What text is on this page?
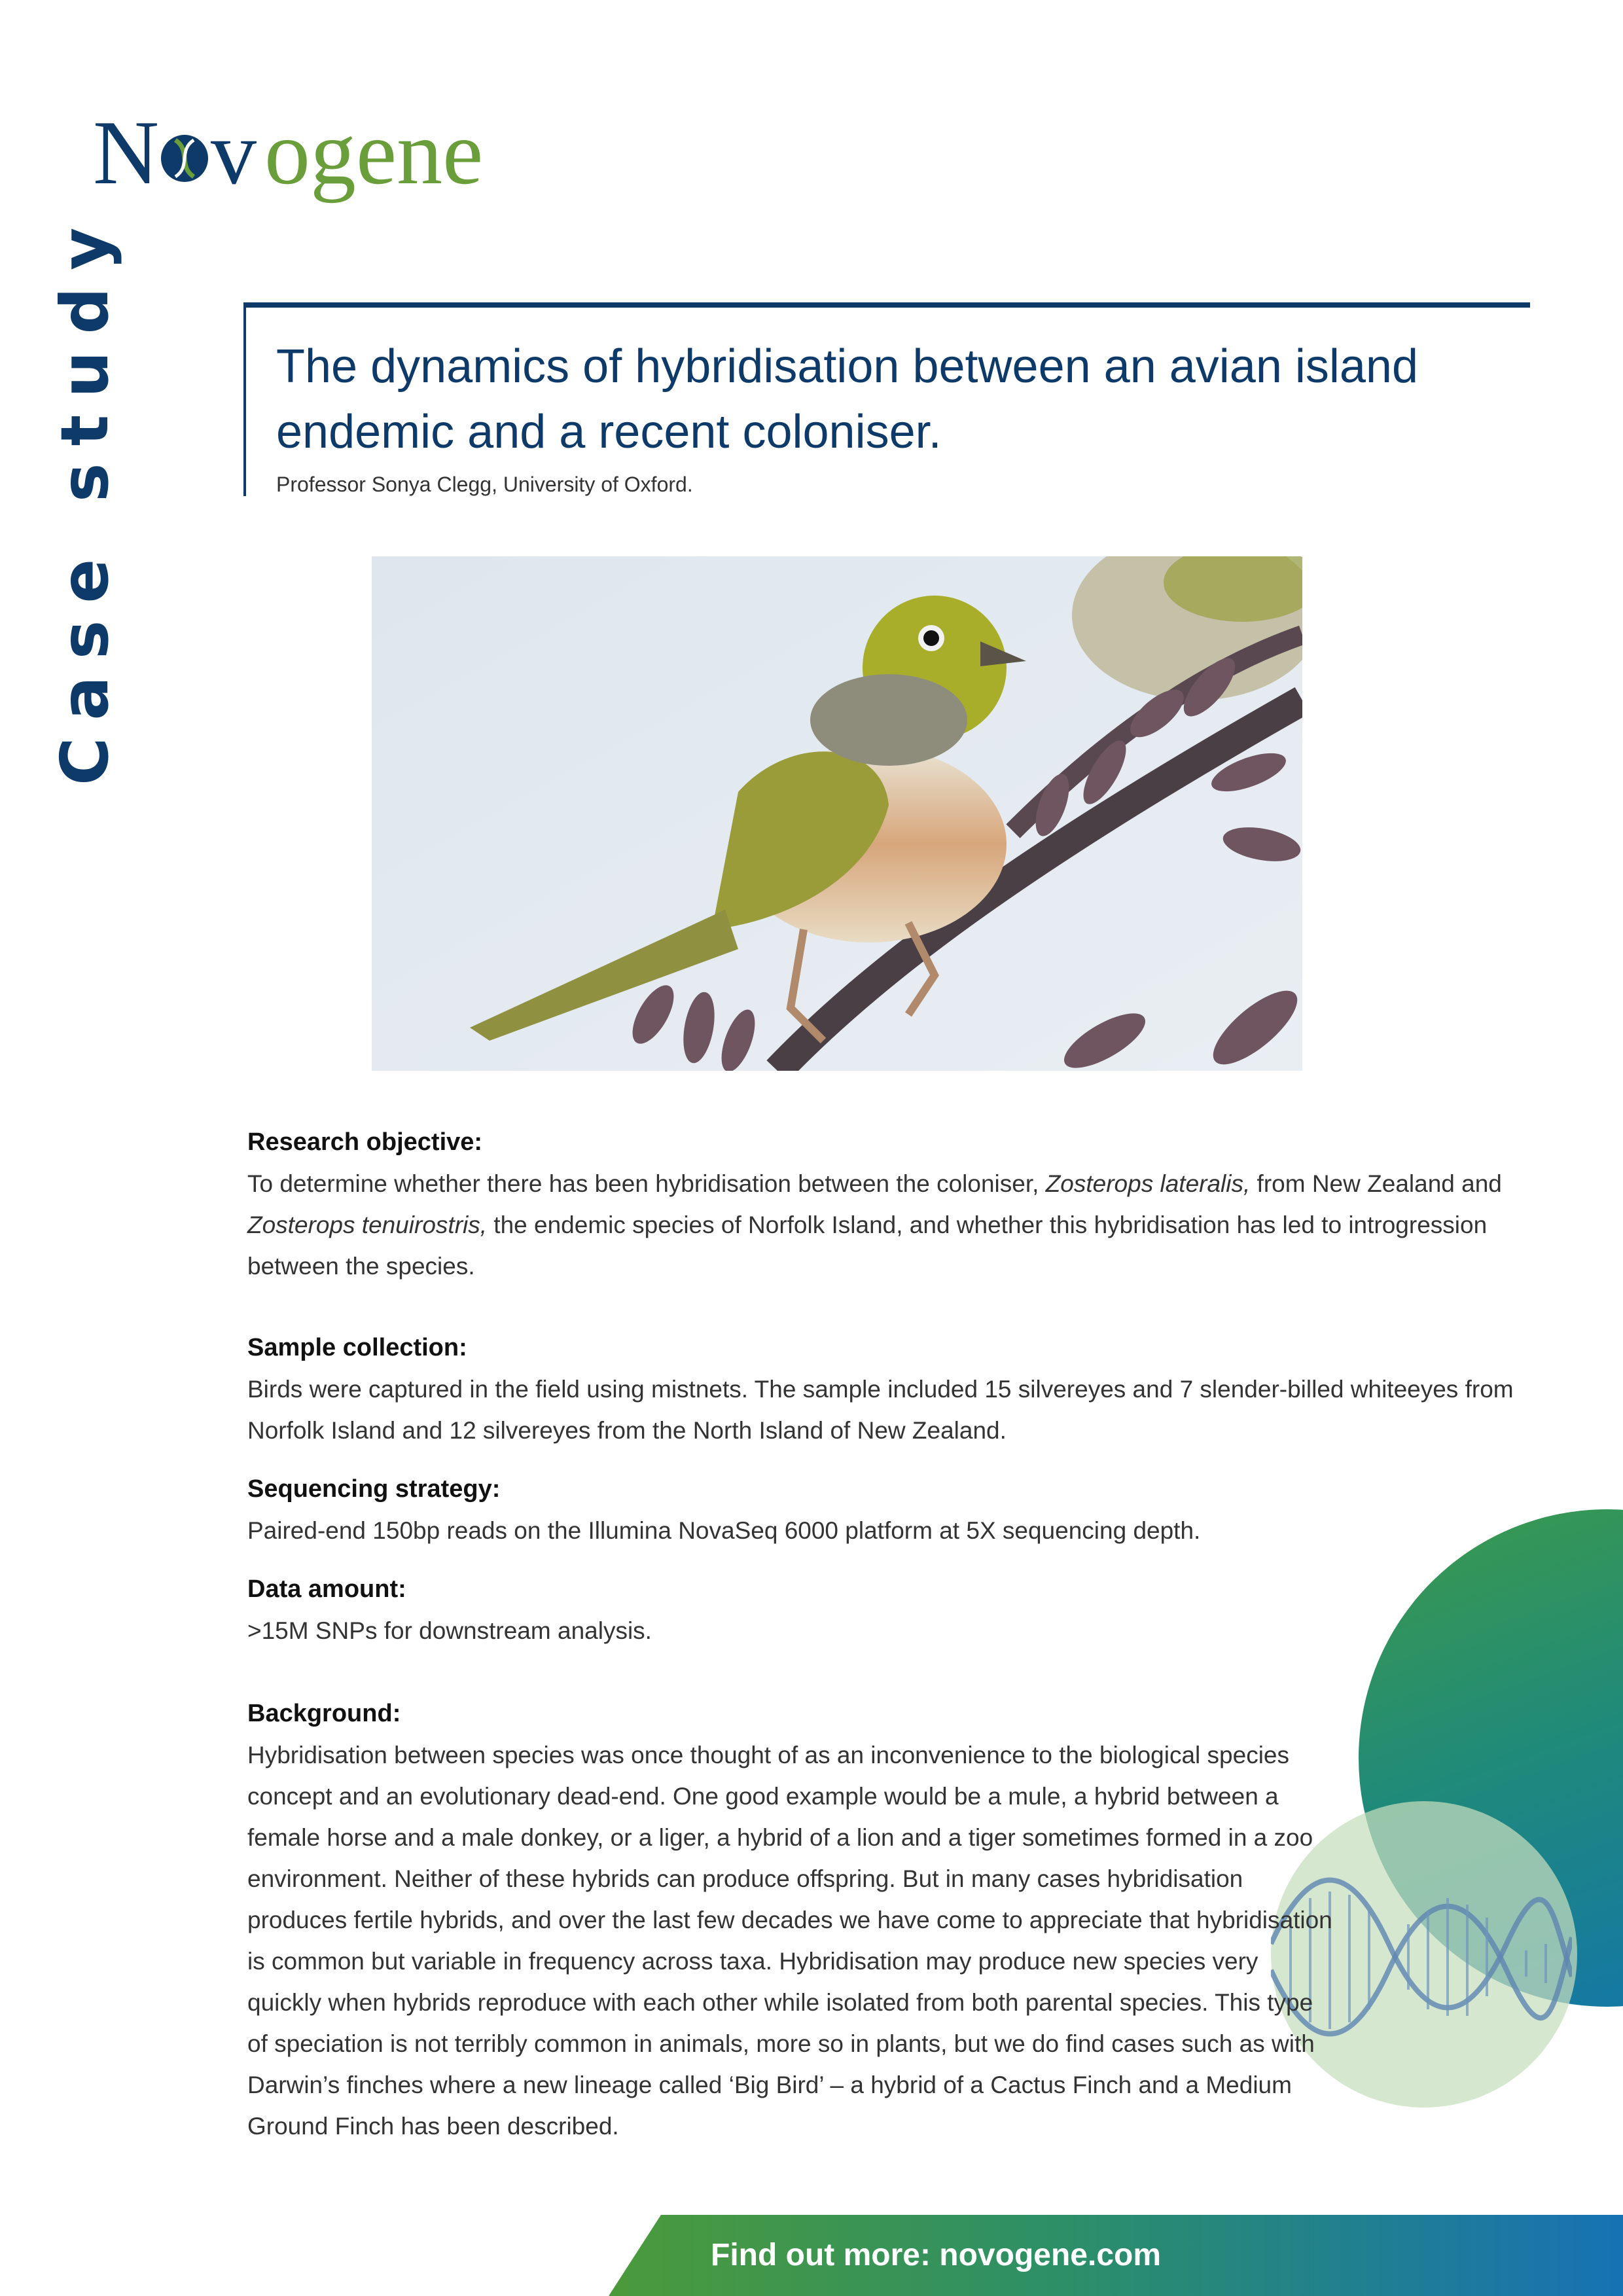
N v ogene
Case study	The dynamics of hybridisation between an avian island endemic and a recent coloniser.
Professor Sonya Clegg, University of Oxford.
Research objective:

To determine whether there has been hybridisation between the coloniser, Zosterops lateralis, from New Zealand and Zosterops tenuirostris, the endemic species of Norfolk Island, and whether this hybridisation has led to introgression between the species.

Sample collection:

Birds were captured in the field using mistnets. The sample included 15 silvereyes and 7 slender-billed whiteeyes from Norfolk Island and 12 silvereyes from the North Island of New Zealand.

Sequencing strategy:

Paired-end 150bp reads on the Illumina NovaSeq 6000 platform at 5X sequencing depth.

Data amount:

>15M SNPs for downstream analysis.

Background:

Hybridisation between species was once thought of as an inconvenience to the biological species concept and an evolutionary dead-end. One good example would be a mule, a hybrid between a female horse and a male donkey, or a liger, a hybrid of a lion and a tiger sometimes formed in a zoo environment. Neither of these hybrids can produce offspring. But in many cases hybridisation produces fertile hybrids, and over the last few decades we have come to appreciate that hybridisation is common but variable in frequency across taxa. Hybridisation may produce new species very quickly when hybrids reproduce with each other while isolated from both parental species. This type of speciation is not terribly common in animals, more so in plants, but we do find cases such as with Darwin’s finches where a new lineage called ‘Big Bird’ – a hybrid of a Cactus Finch and a Medium Ground Finch has been described.

Find out more: novogene.com
